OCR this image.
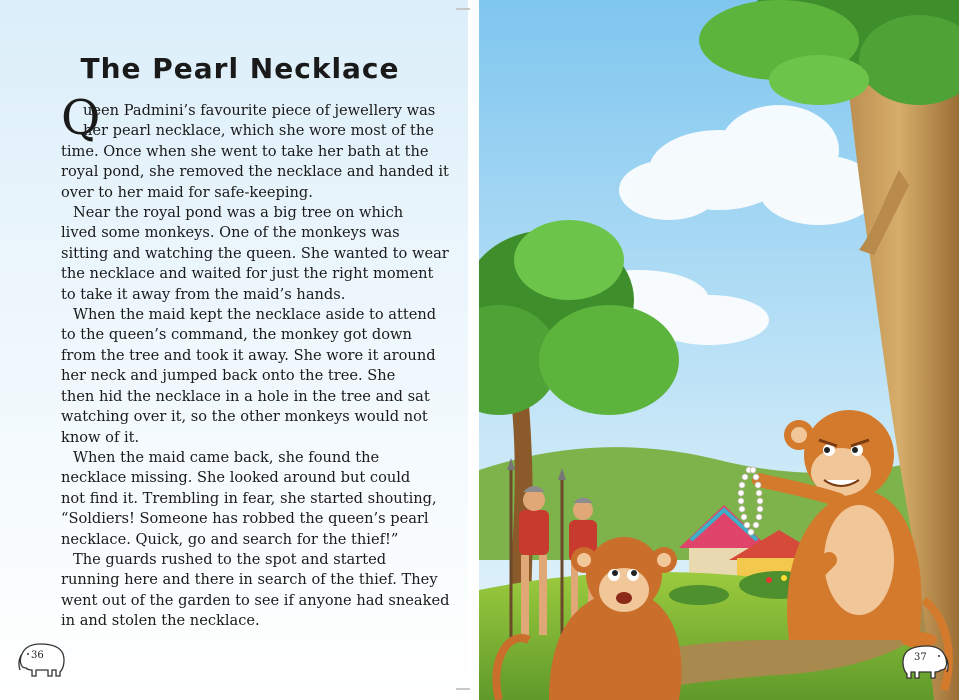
The Pearl Necklace
Q

ueen Padmini’s favourite piece of jewellery was

her pearl necklace, which she wore most of the

time. Once when she went to take her bath at the

royal pond, she removed the necklace and handed it

over to her maid for safe-keeping.

Near the royal pond was a big tree on which

lived some monkeys. One of the monkeys was

sitting and watching the queen. She wanted to wear

the necklace and waited for just the right moment

to take it away from the maid’s hands.

When the maid kept the necklace aside to attend

to the queen’s command, the monkey got down

from the tree and took it away. She wore it around

her neck and jumped back onto the tree. She

then hid the necklace in a hole in the tree and sat

watching over it, so the other monkeys would not

know of it.

When the maid came back, she found the

necklace missing. She looked around but could

not find it. Trembling in fear, she started shouting,

“Soldiers! Someone has robbed the queen’s pearl

necklace. Quick, go and search for the thief!”

The guards rushed to the spot and started

running here and there in search of the thief. They

went out of the garden to see if anyone had sneaked

in and stolen the necklace.

36	37
